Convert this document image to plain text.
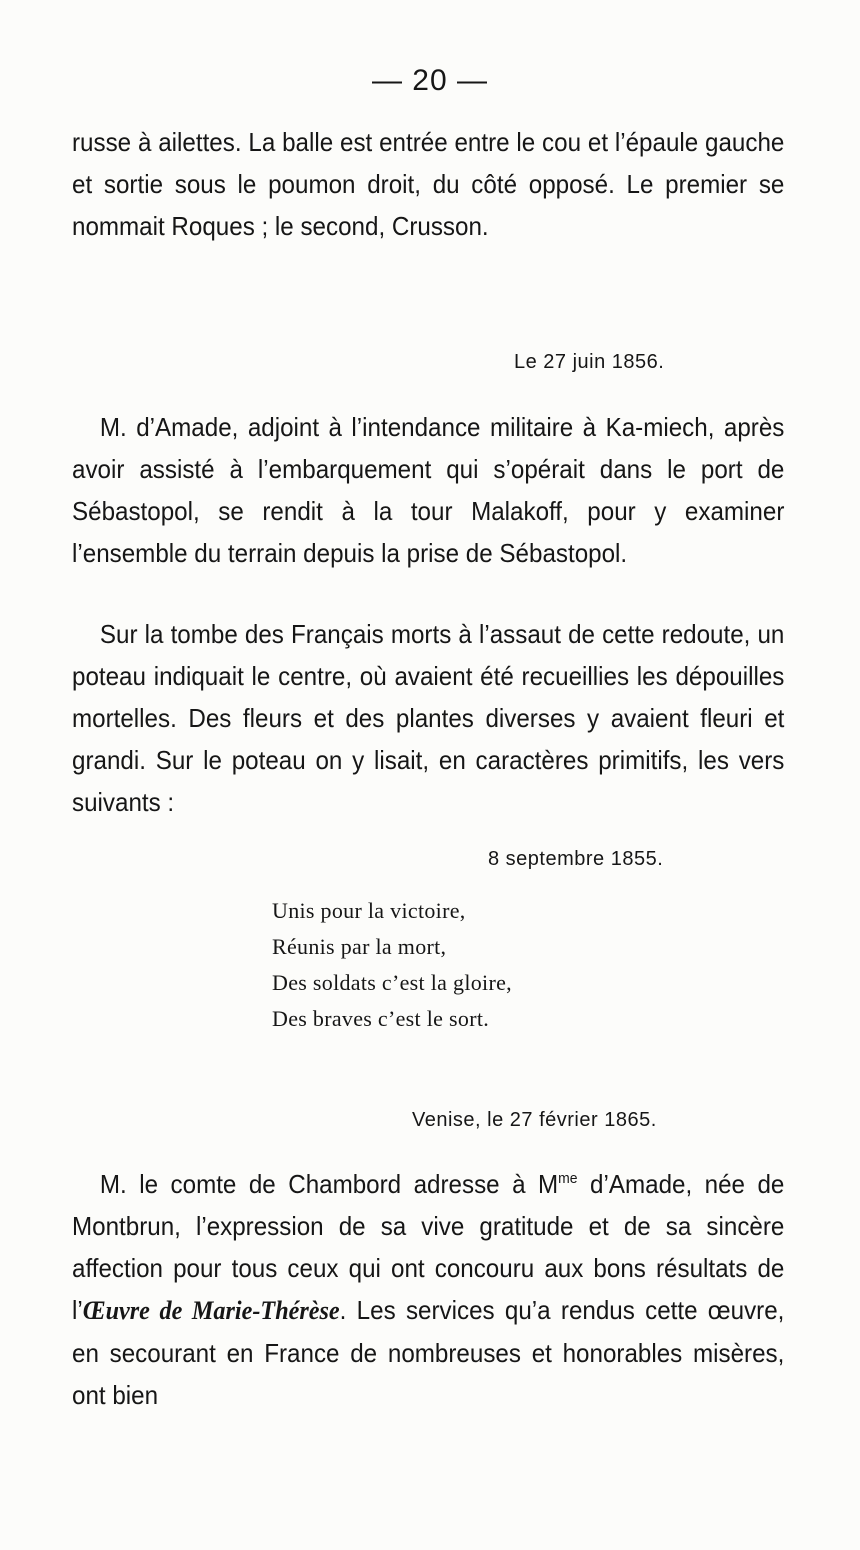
— 20 —

russe à ailettes. La balle est entrée entre le cou et l’épaule gauche et sortie sous le poumon droit, du côté opposé. Le premier se nommait Roques ; le second, Crusson.

Le 27 juin 1856.

M. d’Amade, adjoint à l’intendance militaire à Ka-miech, après avoir assisté à l’embarquement qui s’opérait dans le port de Sébastopol, se rendit à la tour Malakoff, pour y examiner l’ensemble du terrain depuis la prise de Sébastopol.

Sur la tombe des Français morts à l’assaut de cette redoute, un poteau indiquait le centre, où avaient été recueillies les dépouilles mortelles. Des fleurs et des plantes diverses y avaient fleuri et grandi. Sur le poteau on y lisait, en caractères primitifs, les vers suivants :

8 septembre 1855.
Unis pour la victoire,
Réunis par la mort,
Des soldats c’est la gloire,
Des braves c’est le sort.
Venise, le 27 février 1865.

M. le comte de Chambord adresse à $M^{me}$ d’Amade, née de Montbrun, l’expression de sa vive gratitude et de sa sincère affection pour tous ceux qui ont concouru aux bons résultats de l’Œuvre de Marie-Thérèse. Les services qu’a rendus cette œuvre, en secourant en France de nombreuses et honorables misères, ont bien
